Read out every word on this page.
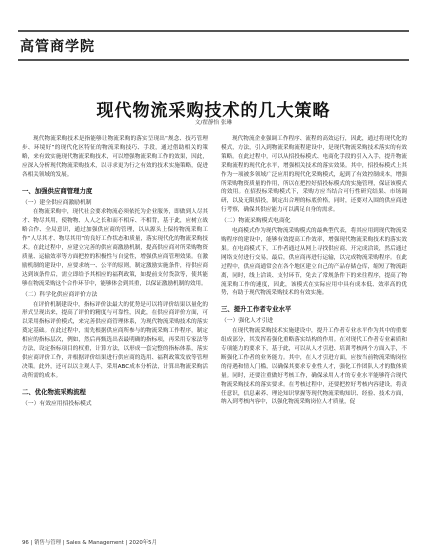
高管商学院
现代物流采购技术的几大策略
文/翟静怡 张琳

现代物流采购技术是指能够让物流采购的落实呈现出“规念、技巧管理步、环境好”的现代化区特征的物流采购技巧、手段，通过借助相关的策略，来有效实施现代物流采购技术，可以增强物流采购工作的效果，因此，应深入分析现代物流采购技术，以寻求更为行之有效的技术实施策略，促进各相关领域的发展。

一、加强供应商管理力度
（一）建全供应商激励机制

在物流采购中，现代社会要求物流必须依托为企业服务，即做到人尽其才、物尽其用，使物物、人人之长和而不相斥、不相背，基于此，应树立战略合作、全局意识，通过加强供应商的管理，以从源头上保持物流采购工作“人尽其才、物尽其用”的良好工作状态和质量，落实现代化的物流采购技术。在此过程中，应建立完善的供应商激励机制，提高供应商对所采购物资质量、运输效率等方面把控的积极性与自觉性，增强供应商管理效果。在激励机制的建设中，应要求统一、公平的原则，制定激励实施条件，待供应商达到该条件后，需立即给予其相应的福利政策，如提前支付货款等，使其能够在物流采购这个合作环节中，能够体会到其重，以保证激励机制的效用。

（二）科学化供应商评价方法

在评价机制建设中，指标评价法最大的优势是可以将评价结果以量化的形式呈现出来，提高了评价的精度与可靠性，因此，在供应商评价方面，可以采用指标评价模式，来完善供应商管理体系，为现代物流采购技术的落实奠定基础。在此过程中，需先根据供应商所参与的物流采购工作程序，制定相应的指标层次，例如，然后再甄选出表最明确的指标项，再采用专家法等方法，设定指标项目的权重，计算方法，以形成一套完整的指标体系，落实供应商评价工作，并根据评价结果进行供应商的选用、福利政策发放等管理决策。此外，还可以以主观人手，采用ABC成本分析法，计算出物流采购活动所需的成本。

二、优化物流采购流程
（一）有效应用招投标模式

现代物流企业强调工作程序、流程的高效运行，因此，通过将现代化的模式，方法，引入到物流采购流程建设中，是现代物流采购技术落实的有效策略。在此过程中，可以从招投标模式、电商化手段的引入入手，提升物流采购流程的现代化水平，增强相关技术的落实效果。其中，招投标模式上其作为一项被多领域广泛应用的现代化采购模式，起到了有效控制成本，增强所采购物资质量的作用，所以在把控好招投标模式的实施管理，保证该模式的效用。在招投标采购模式下，采购方应当结合可行性研究结果、市场调研，以及无限招投，制定出合理的标底价格，同时，还要对入围的供应商进行考察，确保其供应能力可以满足自身的需求。

（二）物流采购模式电商化

电商模式作为现代物流采购模式的最典型代表，将其应用到现代物流采购程序的建设中，能够有效提高工作效率，增强现代物流采购技术的落实效果。在电商模式下，工作者通过从网上寻找供应商、开完成洽谈，然后通过网络支付进行交易，最后，供应商再进行运输，以完成物流采购程序。在此过程中，供应商通常会在各个地区建立自己的产品存储仓库，缩短了物流距离，同时，线上洽谈、支付环节，免去了常规条件下的来往程序，提高了物流采购工作的速度，因此，该模式在实际应用中具有成本低、效率高的优势，有助于现代物流采购技术的有效实施。

三、提升工作者专业水平
（一）强化人才引进

在现代物流采购技术实施建设中，提升工作者专业水平作为其中的重要组成部分，其发挥着强化重略落实结构的作用。在对现代工作者专业素质和专项能力的要求下，基于此，可以从人才引进、培训考核两个方面入手，不断强化工作者的业务能力。其中，在人才引进方面，应按当前物流采购岗位的待遇和情人门槛，以确保其要求专业性人才，强化工作团队人才的数体质量。同时，还要注重做好考核工作，确保录用人才的专业水平能够符合现代物流采购技术的落实要求。在考核过程中，还要把控好考核内容建设，将责任意识，信息素养、理论知识掌握等现代物流采购知识、经验、技术方面，纳入到考核内容中，以强化物流采购岗位人才质量，促

96 | 销售与管理 | Sales & Management | 2020年5月
